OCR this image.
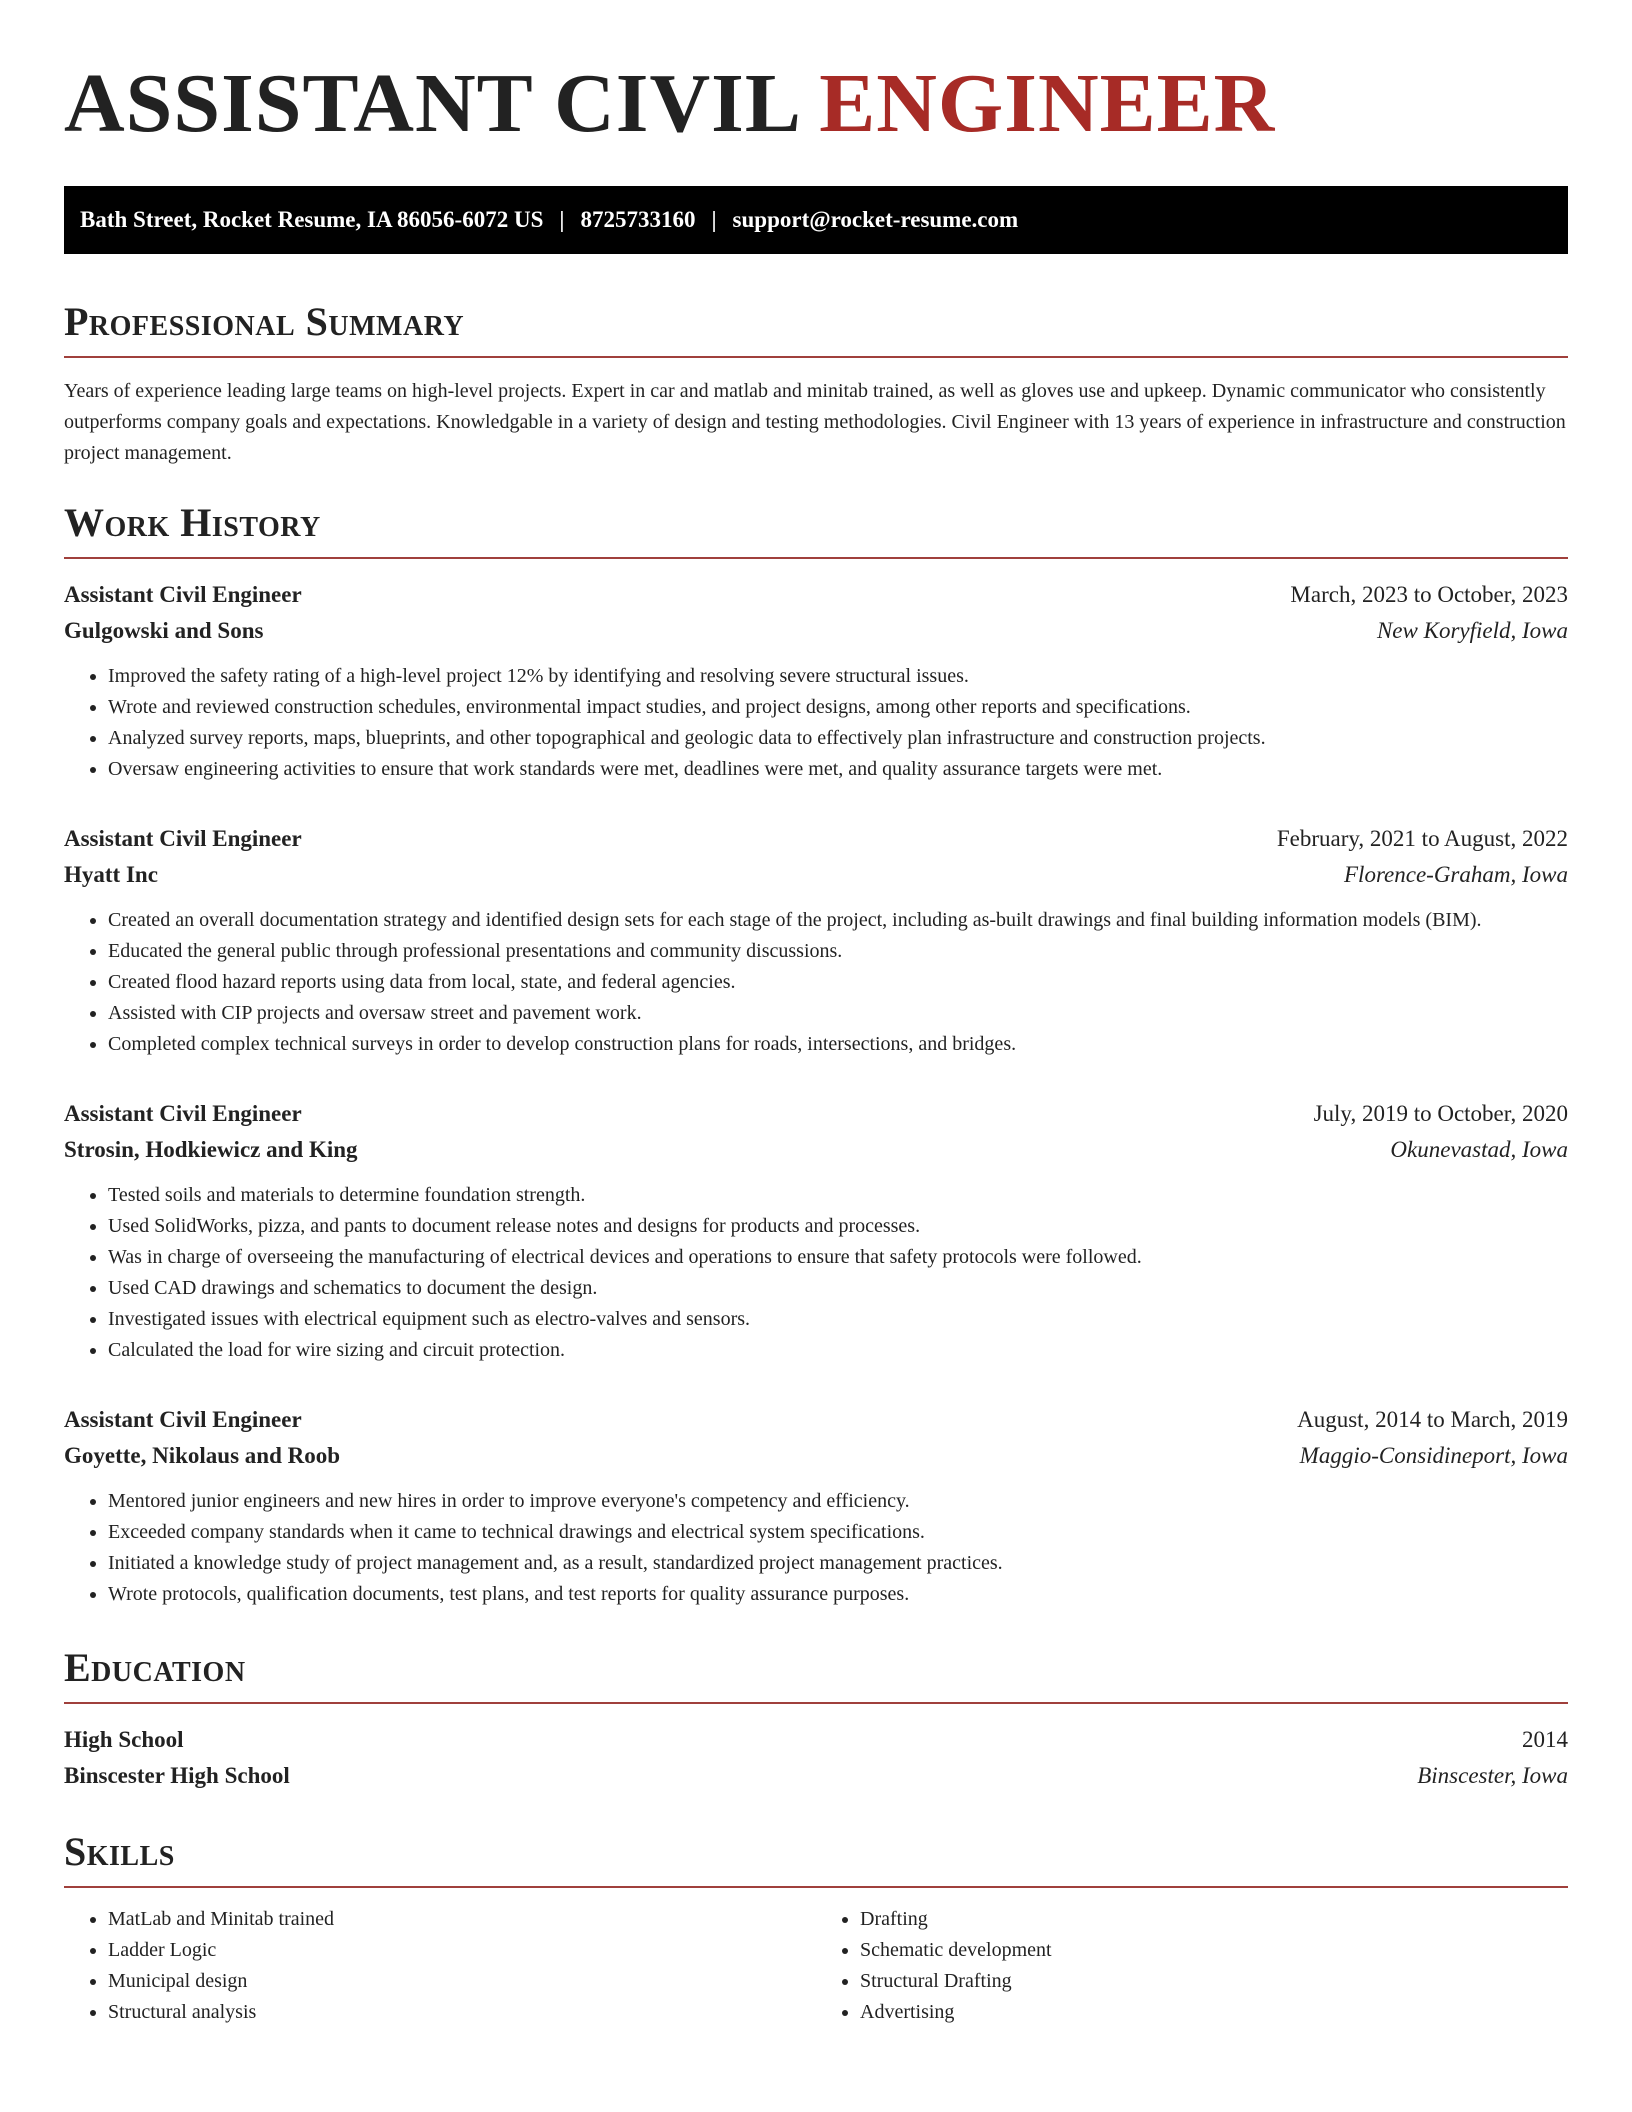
ASSISTANT CIVIL ENGINEER
Bath Street, Rocket Resume, IA 86056-6072 US | 8725733160 | support@rocket-resume.com
Professional Summary

Years of experience leading large teams on high-level projects. Expert in car and matlab and minitab trained, as well as gloves use and upkeep. Dynamic communicator who consistently outperforms company goals and expectations. Knowledgable in a variety of design and testing methodologies. Civil Engineer with 13 years of experience in infrastructure and construction project management.

Work History
Assistant Civil Engineer	March, 2023 to October, 2023
Gulgowski and Sons	New Koryfield, Iowa
• Improved the safety rating of a high-level project 12% by identifying and resolving severe structural issues.
• Wrote and reviewed construction schedules, environmental impact studies, and project designs, among other reports and specifications.
• Analyzed survey reports, maps, blueprints, and other topographical and geologic data to effectively plan infrastructure and construction projects.
• Oversaw engineering activities to ensure that work standards were met, deadlines were met, and quality assurance targets were met.
Assistant Civil Engineer	February, 2021 to August, 2022
Hyatt Inc	Florence-Graham, Iowa
• Created an overall documentation strategy and identified design sets for each stage of the project, including as-built drawings and final building information models (BIM).
• Educated the general public through professional presentations and community discussions.
• Created flood hazard reports using data from local, state, and federal agencies.
• Assisted with CIP projects and oversaw street and pavement work.
• Completed complex technical surveys in order to develop construction plans for roads, intersections, and bridges.
Assistant Civil Engineer	July, 2019 to October, 2020
Strosin, Hodkiewicz and King	Okunevastad, Iowa
• Tested soils and materials to determine foundation strength.
• Used SolidWorks, pizza, and pants to document release notes and designs for products and processes.
• Was in charge of overseeing the manufacturing of electrical devices and operations to ensure that safety protocols were followed.
• Used CAD drawings and schematics to document the design.
• Investigated issues with electrical equipment such as electro-valves and sensors.
• Calculated the load for wire sizing and circuit protection.
Assistant Civil Engineer	August, 2014 to March, 2019
Goyette, Nikolaus and Roob	Maggio-Considineport, Iowa
• Mentored junior engineers and new hires in order to improve everyone's competency and efficiency.
• Exceeded company standards when it came to technical drawings and electrical system specifications.
• Initiated a knowledge study of project management and, as a result, standardized project management practices.
• Wrote protocols, qualification documents, test plans, and test reports for quality assurance purposes.
Education
High School	2014
Binscester High School	Binscester, Iowa
Skills
• MatLab and Minitab trained
• Ladder Logic
• Municipal design
• Structural analysis
• Drafting
• Schematic development
• Structural Drafting
• Advertising
